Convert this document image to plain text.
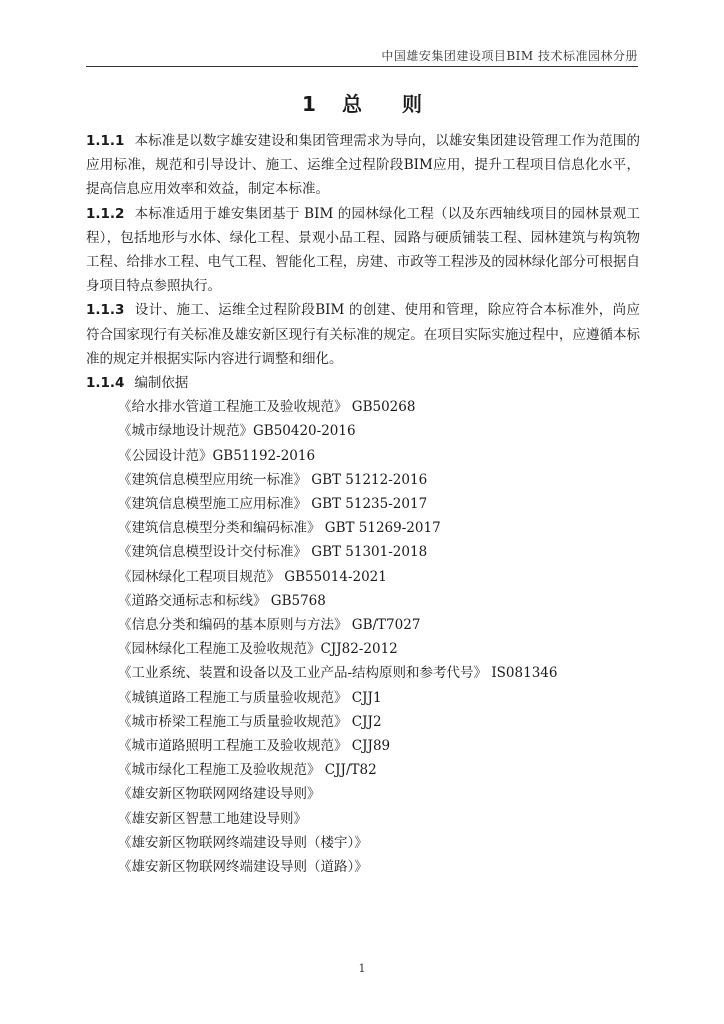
中国雄安集团建设项目BIM 技术标准园林分册
1 总 则

1.1.1 本标准是以数字雄安建设和集团管理需求为导向，以雄安集团建设管理工作为范围的应用标准，规范和引导设计、施工、运维全过程阶段BIM应用，提升工程项目信息化水平，提高信息应用效率和效益，制定本标准。

1.1.2 本标准适用于雄安集团基于 BIM 的园林绿化工程（以及东西轴线项目的园林景观工程），包括地形与水体、绿化工程、景观小品工程、园路与硬质铺装工程、园林建筑与构筑物工程、给排水工程、电气工程、智能化工程，房建、市政等工程涉及的园林绿化部分可根据自身项目特点参照执行。

1.1.3 设计、施工、运维全过程阶段BIM 的创建、使用和管理，除应符合本标准外，尚应符合国家现行有关标准及雄安新区现行有关标准的规定。在项目实际实施过程中，应遵循本标准的规定并根据实际内容进行调整和细化。

1.1.4 编制依据

《给水排水管道工程施工及验收规范》 GB50268
《城市绿地设计规范》GB50420-2016
《公园设计范》GB51192-2016
《建筑信息模型应用统一标准》 GBT 51212-2016
《建筑信息模型施工应用标准》 GBT 51235-2017
《建筑信息模型分类和编码标准》 GBT 51269-2017
《建筑信息模型设计交付标准》 GBT 51301-2018
《园林绿化工程项目规范》 GB55014-2021
《道路交通标志和标线》 GB5768
《信息分类和编码的基本原则与方法》 GB/T7027
《园林绿化工程施工及验收规范》CJJ82-2012
《工业系统、装置和设备以及工业产品-结构原则和参考代号》 IS081346
《城镇道路工程施工与质量验收规范》 CJJ1
《城市桥梁工程施工与质量验收规范》 CJJ2
《城市道路照明工程施工及验收规范》 CJJ89
《城市绿化工程施工及验收规范》 CJJ/T82
《雄安新区物联网网络建设导则》
《雄安新区智慧工地建设导则》
《雄安新区物联网终端建设导则（楼宇）》
《雄安新区物联网终端建设导则（道路）》
1
